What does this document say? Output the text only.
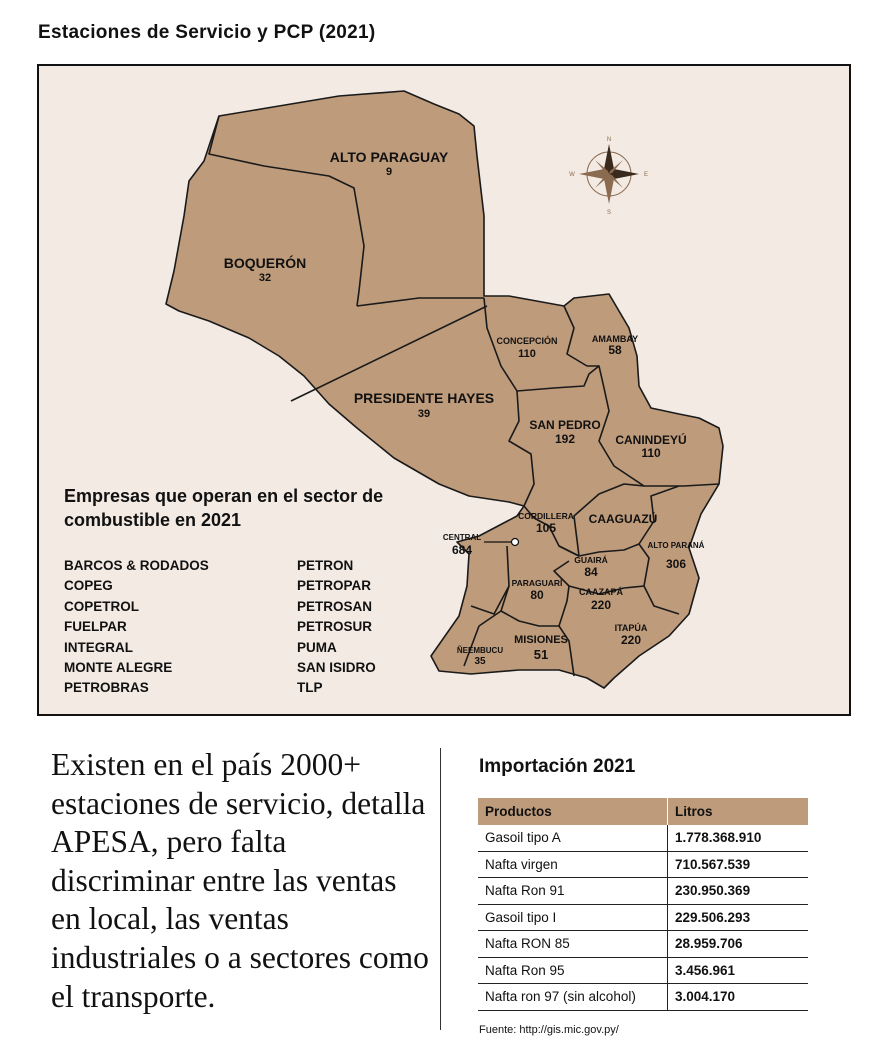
Estaciones de Servicio y PCP (2021)
N
S
E
W
ALTO PARAGUAY
9
BOQUERÓN
32
PRESIDENTE HAYES
39
CONCEPCIÓN
110
AMAMBAY
58
SAN PEDRO
192	CANINDEYÚ
110
CORDILLERA
105
CAAGUAZÚ
CENTRAL
684
GUAIRÁ
84
ALTO PARANÁ
306
PARAGUARÍ
80	CAAZAPÁ
220
ITAPÚA
220
MISIONES
51
ÑEEMBUCU
35
Empresas que operan en el sector de combustible en 2021
BARCOS & RODADOS
COPEG
COPETROL
FUELPAR
INTEGRAL
MONTE ALEGRE
PETROBRAS
PETRON
PETROPAR
PETROSAN
PETROSUR
PUMA
SAN ISIDRO
TLP
Existen en el país 2000+ estaciones de servicio, detalla APESA, pero falta discriminar entre las ventas en local, las ventas industriales o a sectores como el transporte.
Importación 2021
Productos	Litros
Gasoil tipo A	1.778.368.910
Nafta virgen	710.567.539
Nafta Ron 91	230.950.369
Gasoil tipo I	229.506.293
Nafta RON 85	28.959.706
Nafta Ron 95	3.456.961
Nafta ron 97 (sin alcohol)	3.004.170
Fuente: http://gis.mic.gov.py/
